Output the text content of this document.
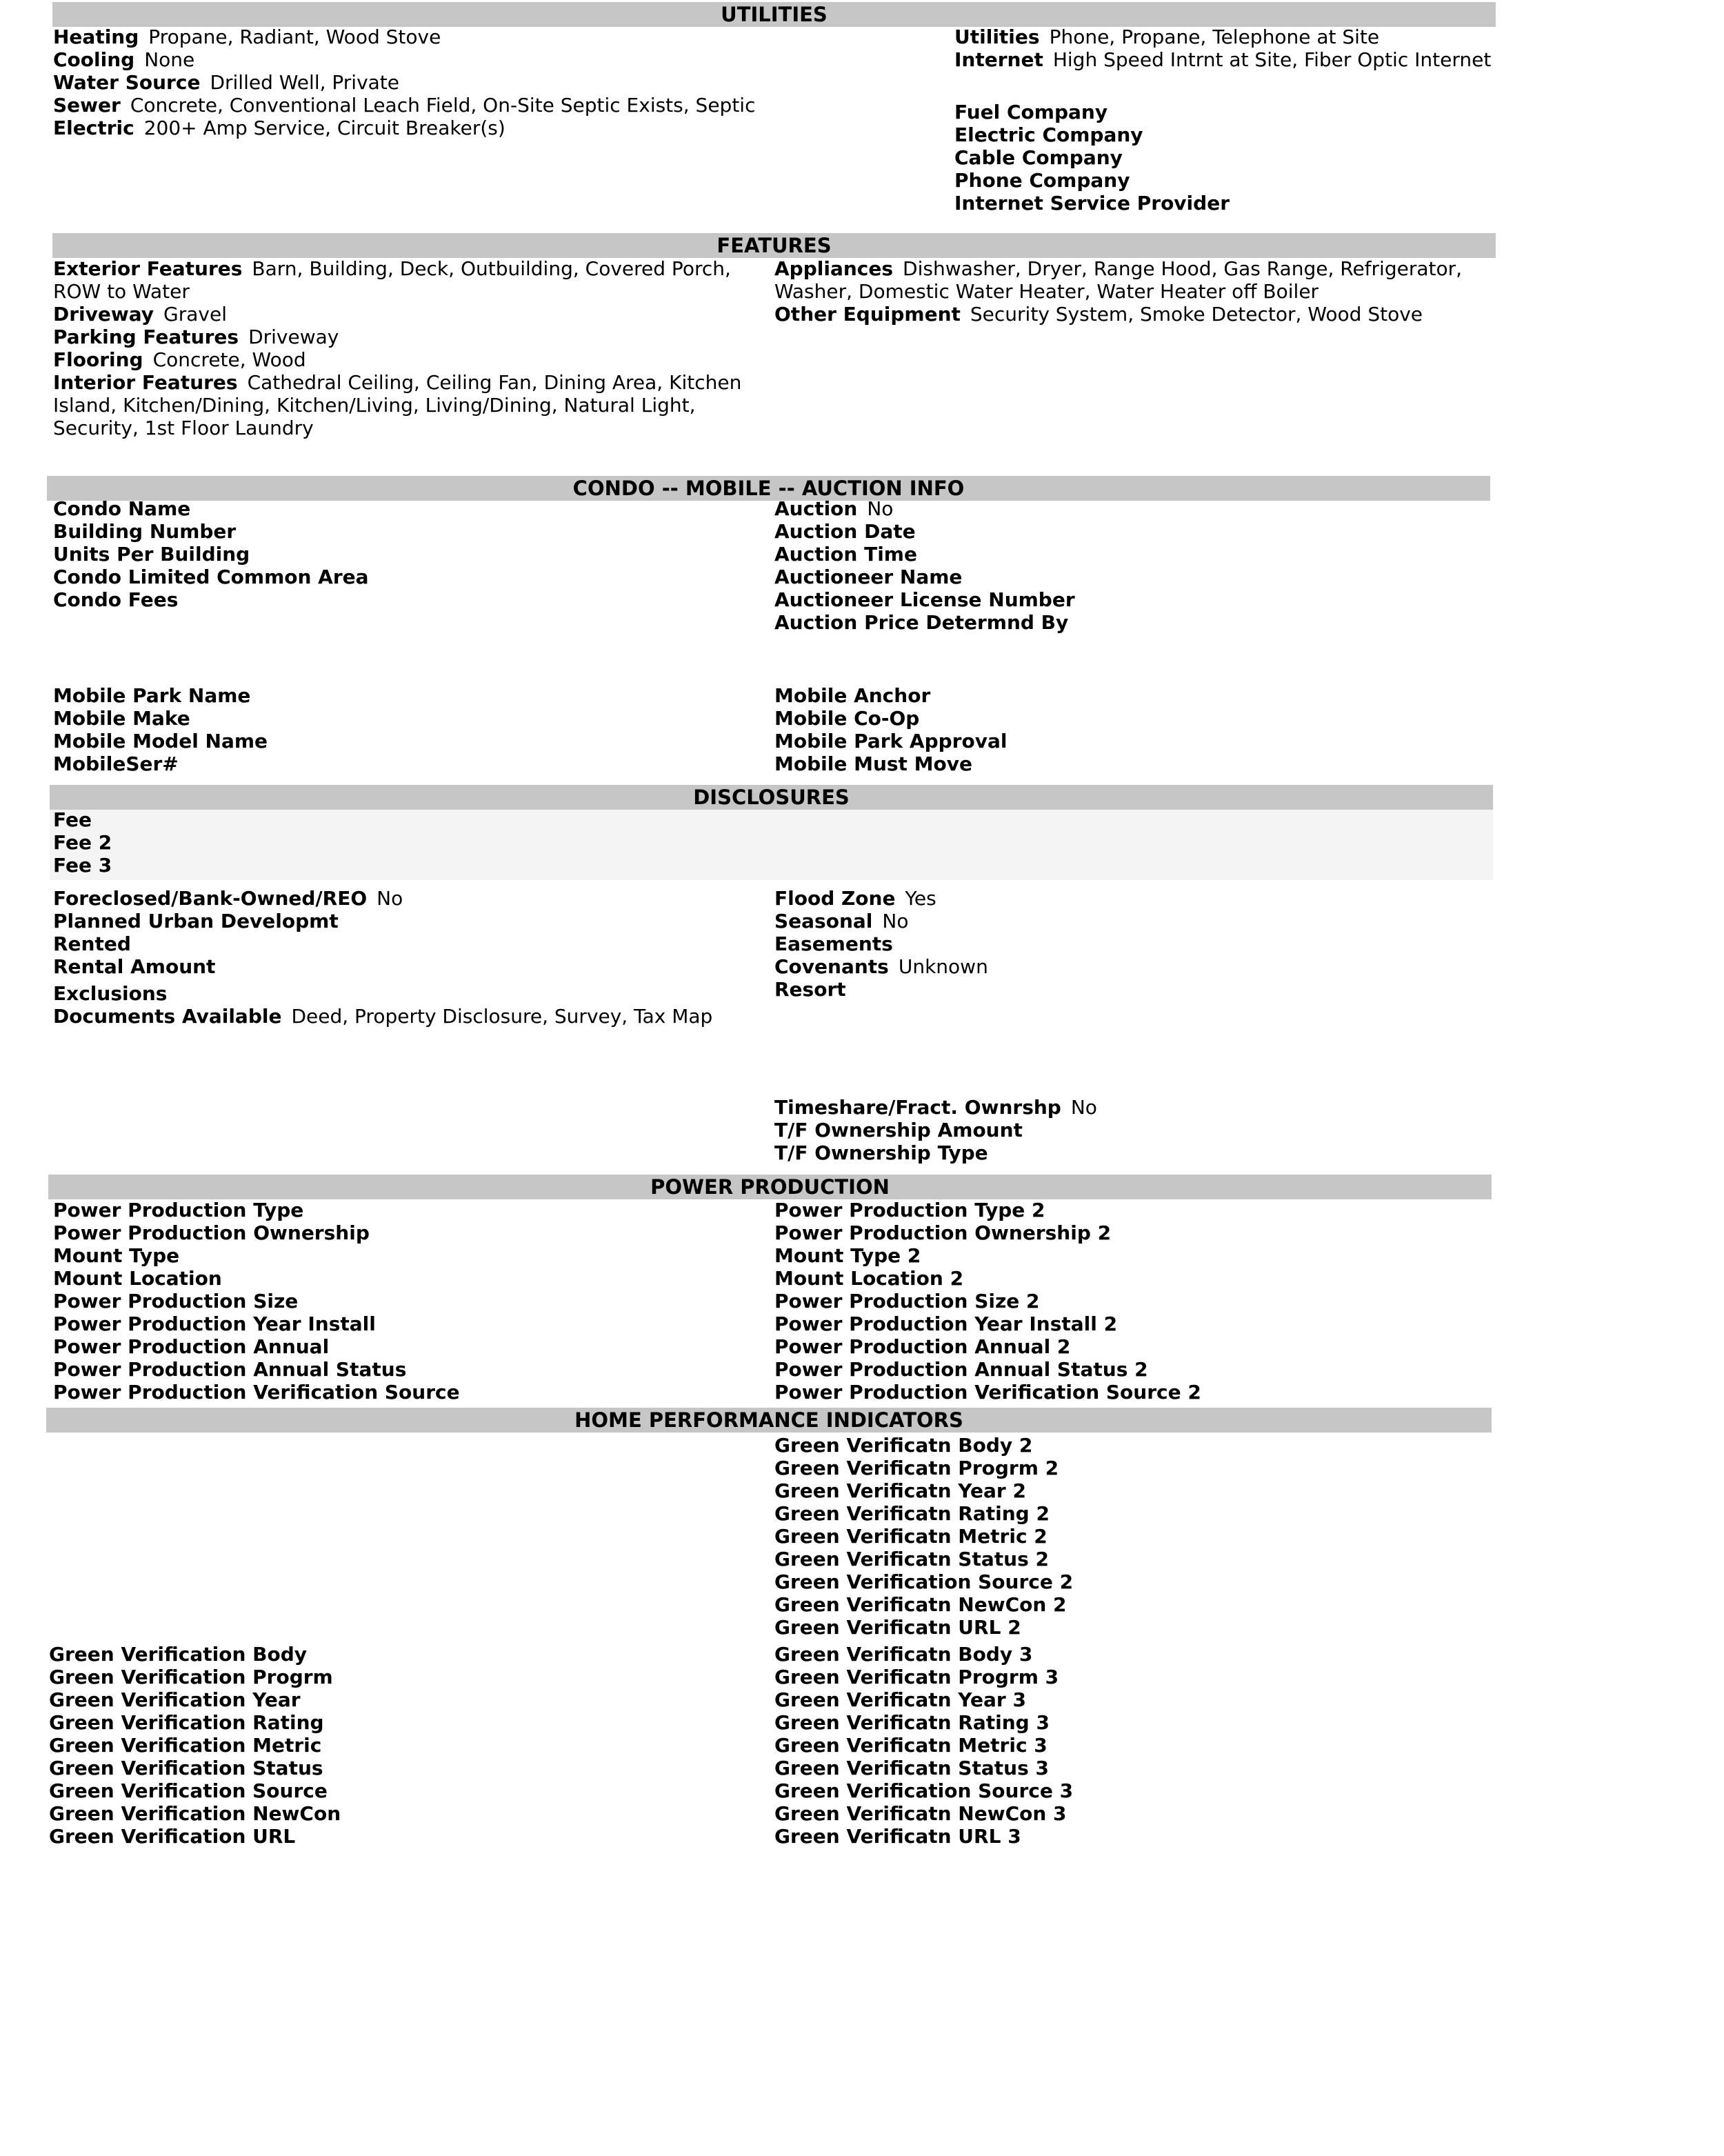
UTILITIES
Heating Propane, Radiant, Wood Stove
Cooling None
Water Source Drilled Well, Private
Sewer Concrete, Conventional Leach Field, On-Site Septic Exists, Septic
Electric 200+ Amp Service, Circuit Breaker(s)
Utilities Phone, Propane, Telephone at Site
Internet High Speed Intrnt at Site, Fiber Optic Internet
Fuel Company
Electric Company
Cable Company
Phone Company
Internet Service Provider
FEATURES
Exterior Features Barn, Building, Deck, Outbuilding, Covered Porch, ROW to Water
Driveway Gravel
Parking Features Driveway
Flooring Concrete, Wood
Interior Features Cathedral Ceiling, Ceiling Fan, Dining Area, Kitchen Island, Kitchen/Dining, Kitchen/Living, Living/Dining, Natural Light, Security, 1st Floor Laundry
Appliances Dishwasher, Dryer, Range Hood, Gas Range, Refrigerator, Washer, Domestic Water Heater, Water Heater off Boiler
Other Equipment Security System, Smoke Detector, Wood Stove
CONDO -- MOBILE -- AUCTION INFO
Condo Name
Building Number
Units Per Building
Condo Limited Common Area
Condo Fees
Auction No
Auction Date
Auction Time
Auctioneer Name
Auctioneer License Number
Auction Price Determnd By
Mobile Park Name
Mobile Make
Mobile Model Name
MobileSer#
Mobile Anchor
Mobile Co-Op
Mobile Park Approval
Mobile Must Move
DISCLOSURES
Fee
Fee 2
Fee 3
Foreclosed/Bank-Owned/REO No
Planned Urban Developmt
Rented
Rental Amount
Exclusions
Documents Available Deed, Property Disclosure, Survey, Tax Map
Flood Zone Yes
Seasonal No
Easements
Covenants Unknown
Resort
Timeshare/Fract. Ownrshp No
T/F Ownership Amount
T/F Ownership Type
POWER PRODUCTION
Power Production Type
Power Production Ownership
Mount Type
Mount Location
Power Production Size
Power Production Year Install
Power Production Annual
Power Production Annual Status
Power Production Verification Source
Power Production Type 2
Power Production Ownership 2
Mount Type 2
Mount Location 2
Power Production Size 2
Power Production Year Install 2
Power Production Annual 2
Power Production Annual Status 2
Power Production Verification Source 2
HOME PERFORMANCE INDICATORS
Green Verificatn Body 2
Green Verificatn Progrm 2
Green Verificatn Year 2
Green Verificatn Rating 2
Green Verificatn Metric 2
Green Verificatn Status 2
Green Verification Source 2
Green Verificatn NewCon 2
Green Verificatn URL 2
Green Verification Body
Green Verification Progrm
Green Verification Year
Green Verification Rating
Green Verification Metric
Green Verification Status
Green Verification Source
Green Verification NewCon
Green Verification URL
Green Verificatn Body 3
Green Verificatn Progrm 3
Green Verificatn Year 3
Green Verificatn Rating 3
Green Verificatn Metric 3
Green Verificatn Status 3
Green Verification Source 3
Green Verificatn NewCon 3
Green Verificatn URL 3
